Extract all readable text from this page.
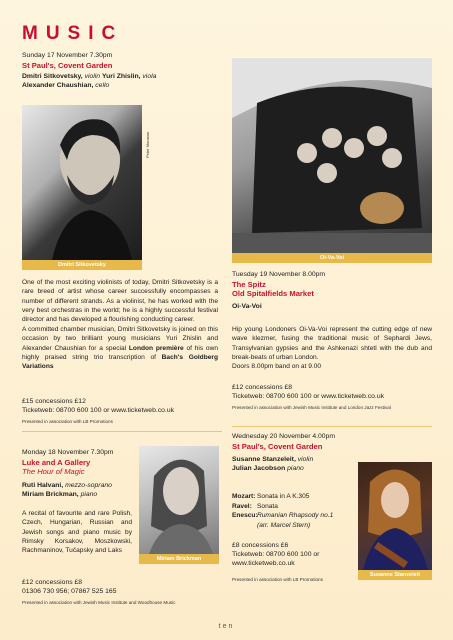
MUSIC
Sunday 17 November 7.30pm
St Paul's, Covent Garden
Dmitri Sitkovetsky, violin Yuri Zhislin, viola
Alexander Chaushian, cello
Dmitri Sitkovetsky
Peter Moustan
One of the most exciting violinists of today, Dmitri Sitkovetsky is a rare breed of artist whose career successfully encompasses a number of different strands. As a violinist, he has worked with the very best orchestras in the world; he is a highly successful festival director and has developed a flourishing conducting career.
A committed chamber musician, Dmitri Sitkovetsky is joined on this occasion by two brilliant young musicians Yuri Zhislin and Alexander Chaushian for a special London première of his own highly praised string trio transcription of Bach's Goldberg Variations
£15 concessions £12
Ticketweb: 08700 600 100 or www.ticketweb.co.uk
Presented in association with LB Promotions
Oi-Va-Voi
Tuesday 19 November 8.00pm
The Spitz
Old Spitalfields Market
Oi-Va-Voi
Hip young Londoners Oi-Va-Voi represent the cutting edge of new wave klezmer, fusing the traditional music of Sephardi Jews, Transylvanian gypsies and the Ashkenazi shtetl with the dub and break-beats of urban London.
Doors 8.00pm band on at 9.00
£12 concessions £8
Ticketweb: 08700 600 100 or www.ticketweb.co.uk
Presented in association with Jewish Music Institute and London Jazz Festival
Monday 18 November 7.30pm
Luke and A Gallery
The Hour of Magic
Ruti Halvani, mezzo-soprano
Miriam Brickman, piano
A recital of favourite and rare Polish, Czech, Hungarian, Russian and Jewish songs and piano music by Rimsky Korsakov, Moszkowski, Rachmaninov, Tučapsky and Laks
Miriam Brickman
£12 concessions £8
01306 730 956; 07867 525 165
Presented in association with Jewish Music Institute and Woodhouse Music
Wednesday 20 November 4.00pm
St Paul's, Covent Garden
Susanne Stanzeleit, violin
Julian Jacobson piano
Mozart: Sonata in A K.305
Ravel: Sonata
Enescu: Rumanian Rhapsody no.1
(arr. Marcel Stern)
£8 concessions £6
Ticketweb: 08700 600 100 or
www.ticketweb.co.uk
Presented in association with LB Promotions
Susanne Stanzeleit
ten
